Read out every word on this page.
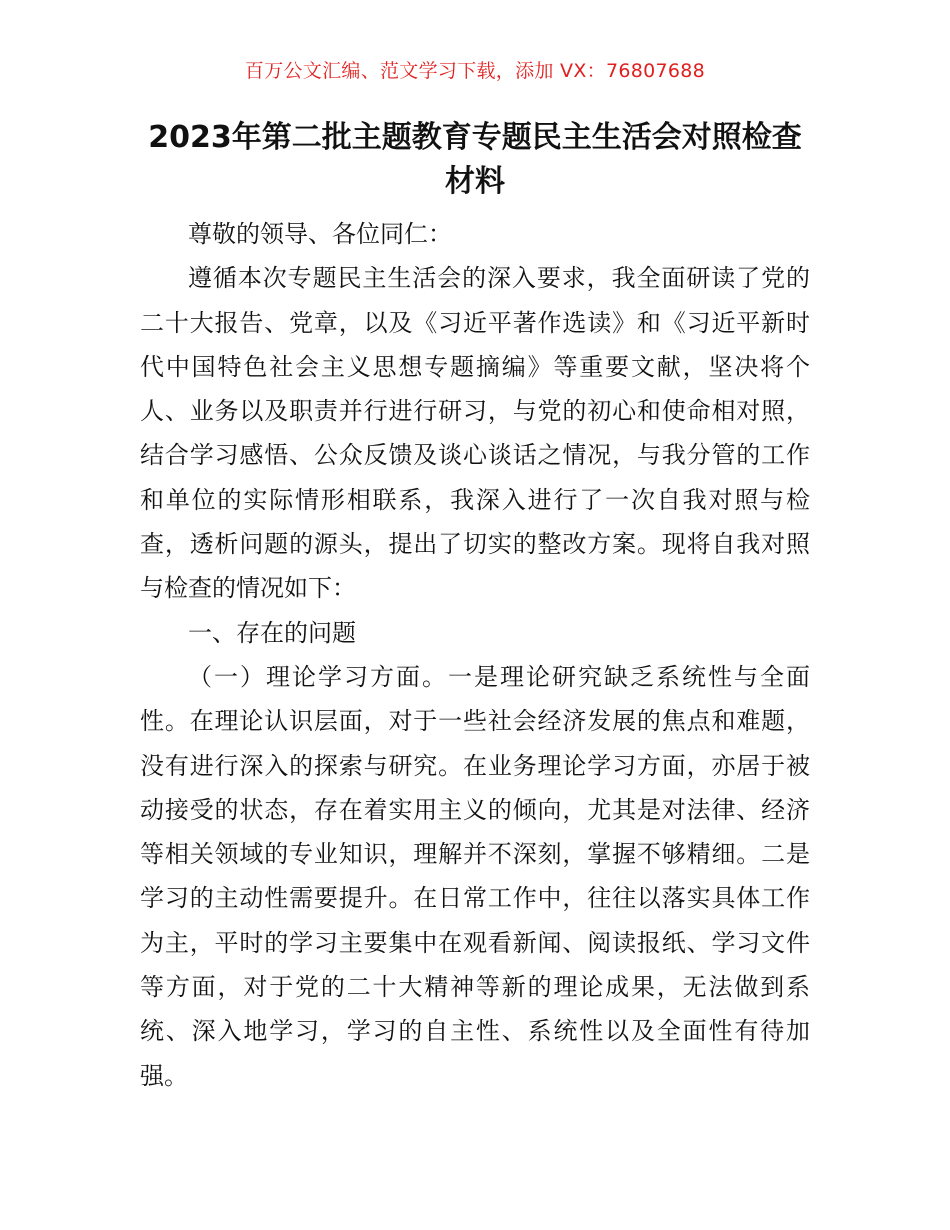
百万公文汇编、范文学习下载，添加 VX：76807688
2023年第二批主题教育专题民主生活会对照检查材料

尊敬的领导、各位同仁：

遵循本次专题民主生活会的深入要求，我全面研读了党的二十大报告、党章，以及《习近平著作选读》和《习近平新时代中国特色社会主义思想专题摘编》等重要文献，坚决将个人、业务以及职责并行进行研习，与党的初心和使命相对照，结合学习感悟、公众反馈及谈心谈话之情况，与我分管的工作和单位的实际情形相联系，我深入进行了一次自我对照与检查，透析问题的源头，提出了切实的整改方案。现将自我对照与检查的情况如下：

一、存在的问题

（一）理论学习方面。一是理论研究缺乏系统性与全面性。在理论认识层面，对于一些社会经济发展的焦点和难题，没有进行深入的探索与研究。在业务理论学习方面，亦居于被动接受的状态，存在着实用主义的倾向，尤其是对法律、经济等相关领域的专业知识，理解并不深刻，掌握不够精细。二是学习的主动性需要提升。在日常工作中，往往以落实具体工作为主，平时的学习主要集中在观看新闻、阅读报纸、学习文件等方面，对于党的二十大精神等新的理论成果，无法做到系统、深入地学习，学习的自主性、系统性以及全面性有待加强。
